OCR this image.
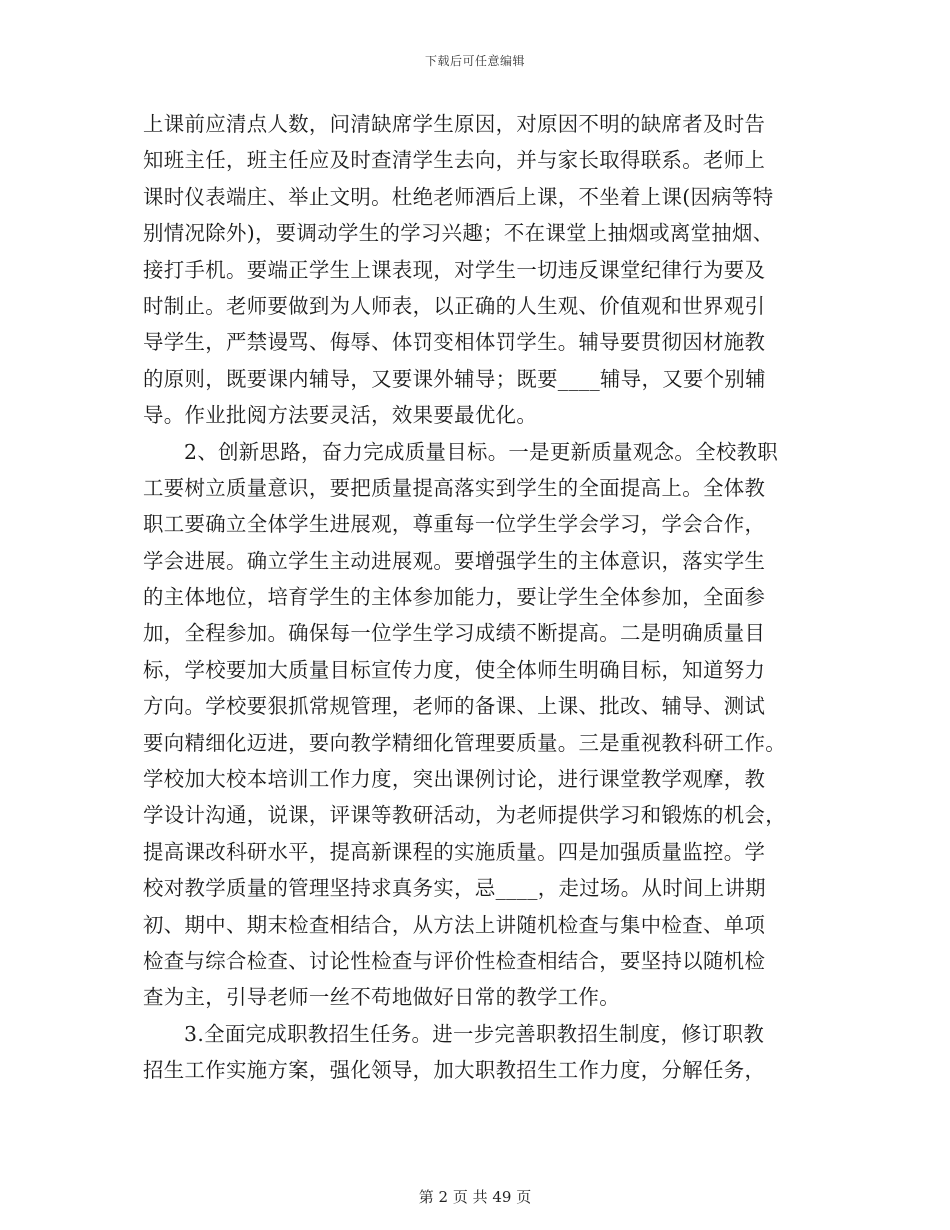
下载后可任意编辑
上课前应清点人数，问清缺席学生原因，对原因不明的缺席者及时告
知班主任，班主任应及时查清学生去向，并与家长取得联系。老师上
课时仪表端庄、举止文明。杜绝老师酒后上课，不坐着上课(因病等特
别情况除外)，要调动学生的学习兴趣；不在课堂上抽烟或离堂抽烟、
接打手机。要端正学生上课表现，对学生一切违反课堂纪律行为要及
时制止。老师要做到为人师表，以正确的人生观、价值观和世界观引
导学生，严禁谩骂、侮辱、体罚变相体罚学生。辅导要贯彻因材施教
的原则，既要课内辅导，又要课外辅导；既要____辅导，又要个别辅
导。作业批阅方法要灵活，效果要最优化。
2、创新思路，奋力完成质量目标。一是更新质量观念。全校教职
工要树立质量意识，要把质量提高落实到学生的全面提高上。全体教
职工要确立全体学生进展观，尊重每一位学生学会学习，学会合作，
学会进展。确立学生主动进展观。要增强学生的主体意识，落实学生
的主体地位，培育学生的主体参加能力，要让学生全体参加，全面参
加，全程参加。确保每一位学生学习成绩不断提高。二是明确质量目
标，学校要加大质量目标宣传力度，使全体师生明确目标，知道努力
方向。学校要狠抓常规管理，老师的备课、上课、批改、辅导、测试
要向精细化迈进，要向教学精细化管理要质量。三是重视教科研工作。
学校加大校本培训工作力度，突出课例讨论，进行课堂教学观摩，教
学设计沟通，说课，评课等教研活动，为老师提供学习和锻炼的机会，
提高课改科研水平，提高新课程的实施质量。四是加强质量监控。学
校对教学质量的管理坚持求真务实，忌____，走过场。从时间上讲期
初、期中、期末检查相结合，从方法上讲随机检查与集中检查、单项
检查与综合检查、讨论性检查与评价性检查相结合，要坚持以随机检
查为主，引导老师一丝不苟地做好日常的教学工作。
3.全面完成职教招生任务。进一步完善职教招生制度，修订职教
招生工作实施方案，强化领导，加大职教招生工作力度，分解任务，
第 2 页 共 49 页
